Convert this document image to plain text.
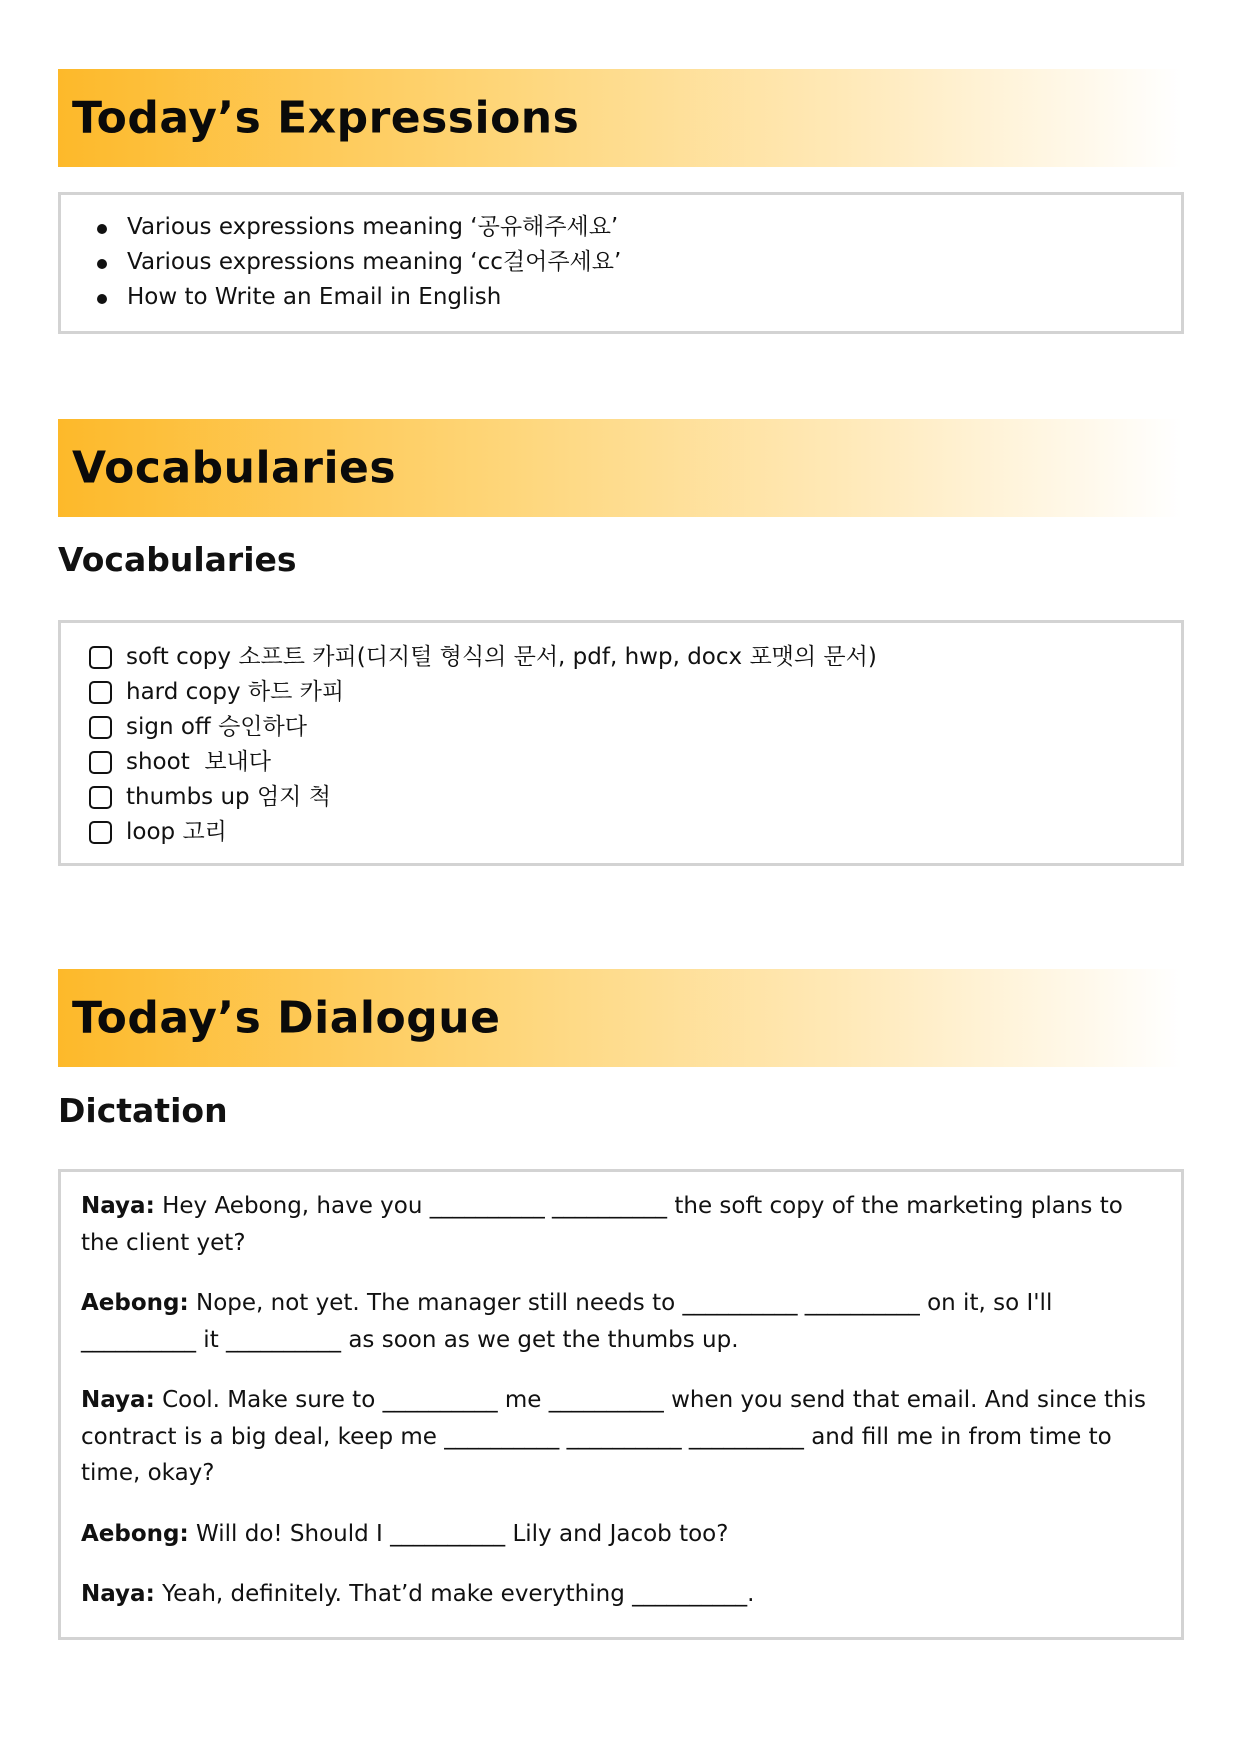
Today’s Expressions
Various expressions meaning ‘공유해주세요’
Various expressions meaning ‘cc걸어주세요’
How to Write an Email in English
Vocabularies
Vocabularies
soft copy 소프트 카피(디지털 형식의 문서, pdf, hwp, docx 포맷의 문서)
hard copy 하드 카피
sign off 승인하다
shoot  보내다
thumbs up 엄지 척
loop 고리
Today’s Dialogue
Dictation

Naya: Hey Aebong, have you __________ __________ the soft copy of the marketing plans to the client yet?

Aebong: Nope, not yet. The manager still needs to __________ __________ on it, so I'll __________ it __________ as soon as we get the thumbs up.

Naya: Cool. Make sure to __________ me __________ when you send that email. And since this contract is a big deal, keep me __________ __________ __________ and fill me in from time to time, okay?

Aebong: Will do! Should I __________ Lily and Jacob too?

Naya: Yeah, definitely. That’d make everything __________.
